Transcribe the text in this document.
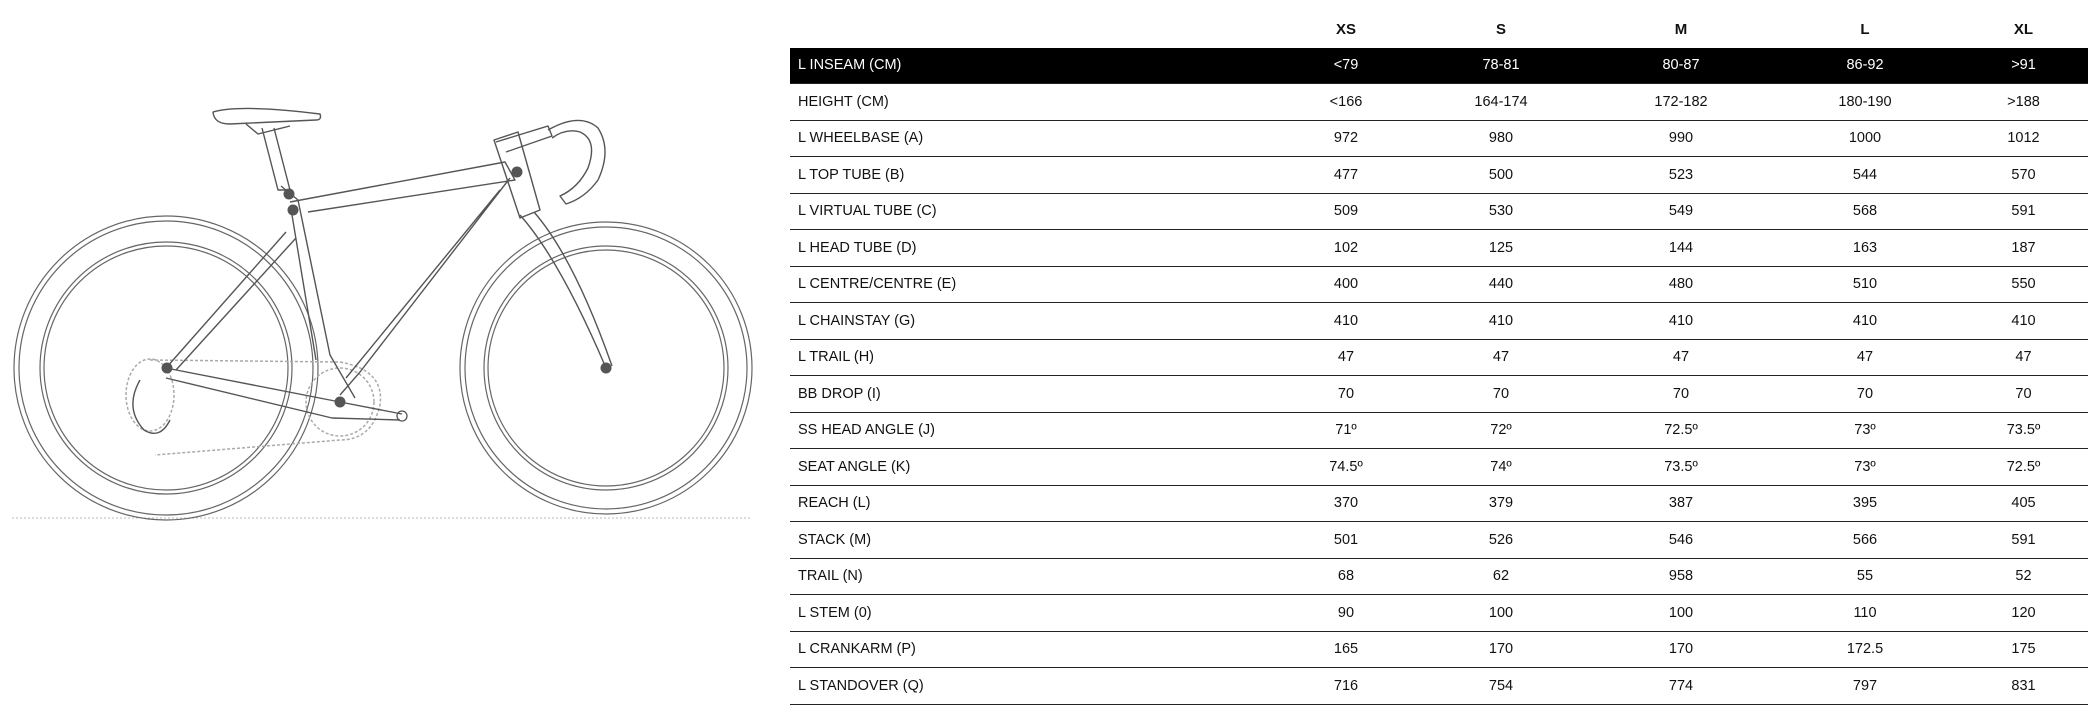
	XS	S	M	L	XL
L INSEAM (CM)	<79	78-81	80-87	86-92	>91
HEIGHT (CM)	<166	164-174	172-182	180-190	>188
L WHEELBASE (A)	972	980	990	1000	1012
L TOP TUBE (B)	477	500	523	544	570
L VIRTUAL TUBE (C)	509	530	549	568	591
L HEAD TUBE (D)	102	125	144	163	187
L CENTRE/CENTRE (E)	400	440	480	510	550
L CHAINSTAY (G)	410	410	410	410	410
L TRAIL (H)	47	47	47	47	47
BB DROP (I)	70	70	70	70	70
SS HEAD ANGLE (J)	71º	72º	72.5º	73º	73.5º
SEAT ANGLE (K)	74.5º	74º	73.5º	73º	72.5º
REACH (L)	370	379	387	395	405
STACK (M)	501	526	546	566	591
TRAIL (N)	68	62	958	55	52
L STEM (0)	90	100	100	110	120
L CRANKARM (P)	165	170	170	172.5	175
L STANDOVER (Q)	716	754	774	797	831
